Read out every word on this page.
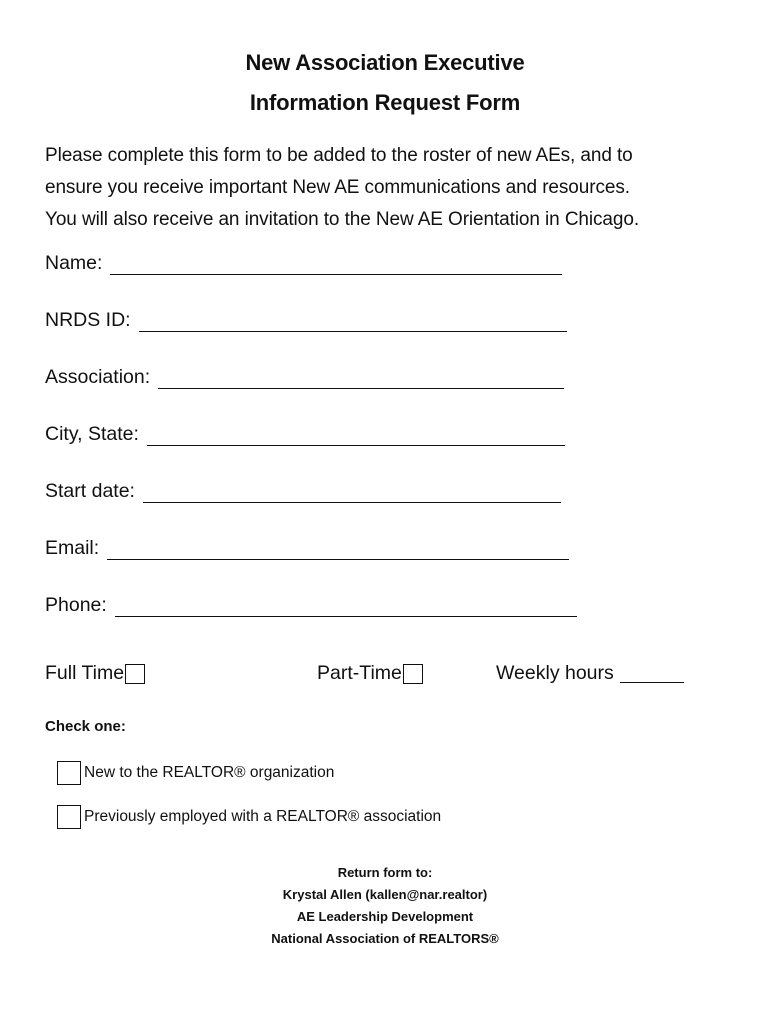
New Association Executive
Information Request Form
Please complete this form to be added to the roster of new AEs, and to
ensure you receive important New AE communications and resources.
You will also receive an invitation to the New AE Orientation in Chicago.
Name:
NRDS ID:
Association:
City, State:
Start date:
Email:
Phone:
Full Time	Part-Time	Weekly hours
Check one:
New to the REALTOR® organization
Previously employed with a REALTOR® association
Return form to:
Krystal Allen (kallen@nar.realtor)
AE Leadership Development
National Association of REALTORS®
